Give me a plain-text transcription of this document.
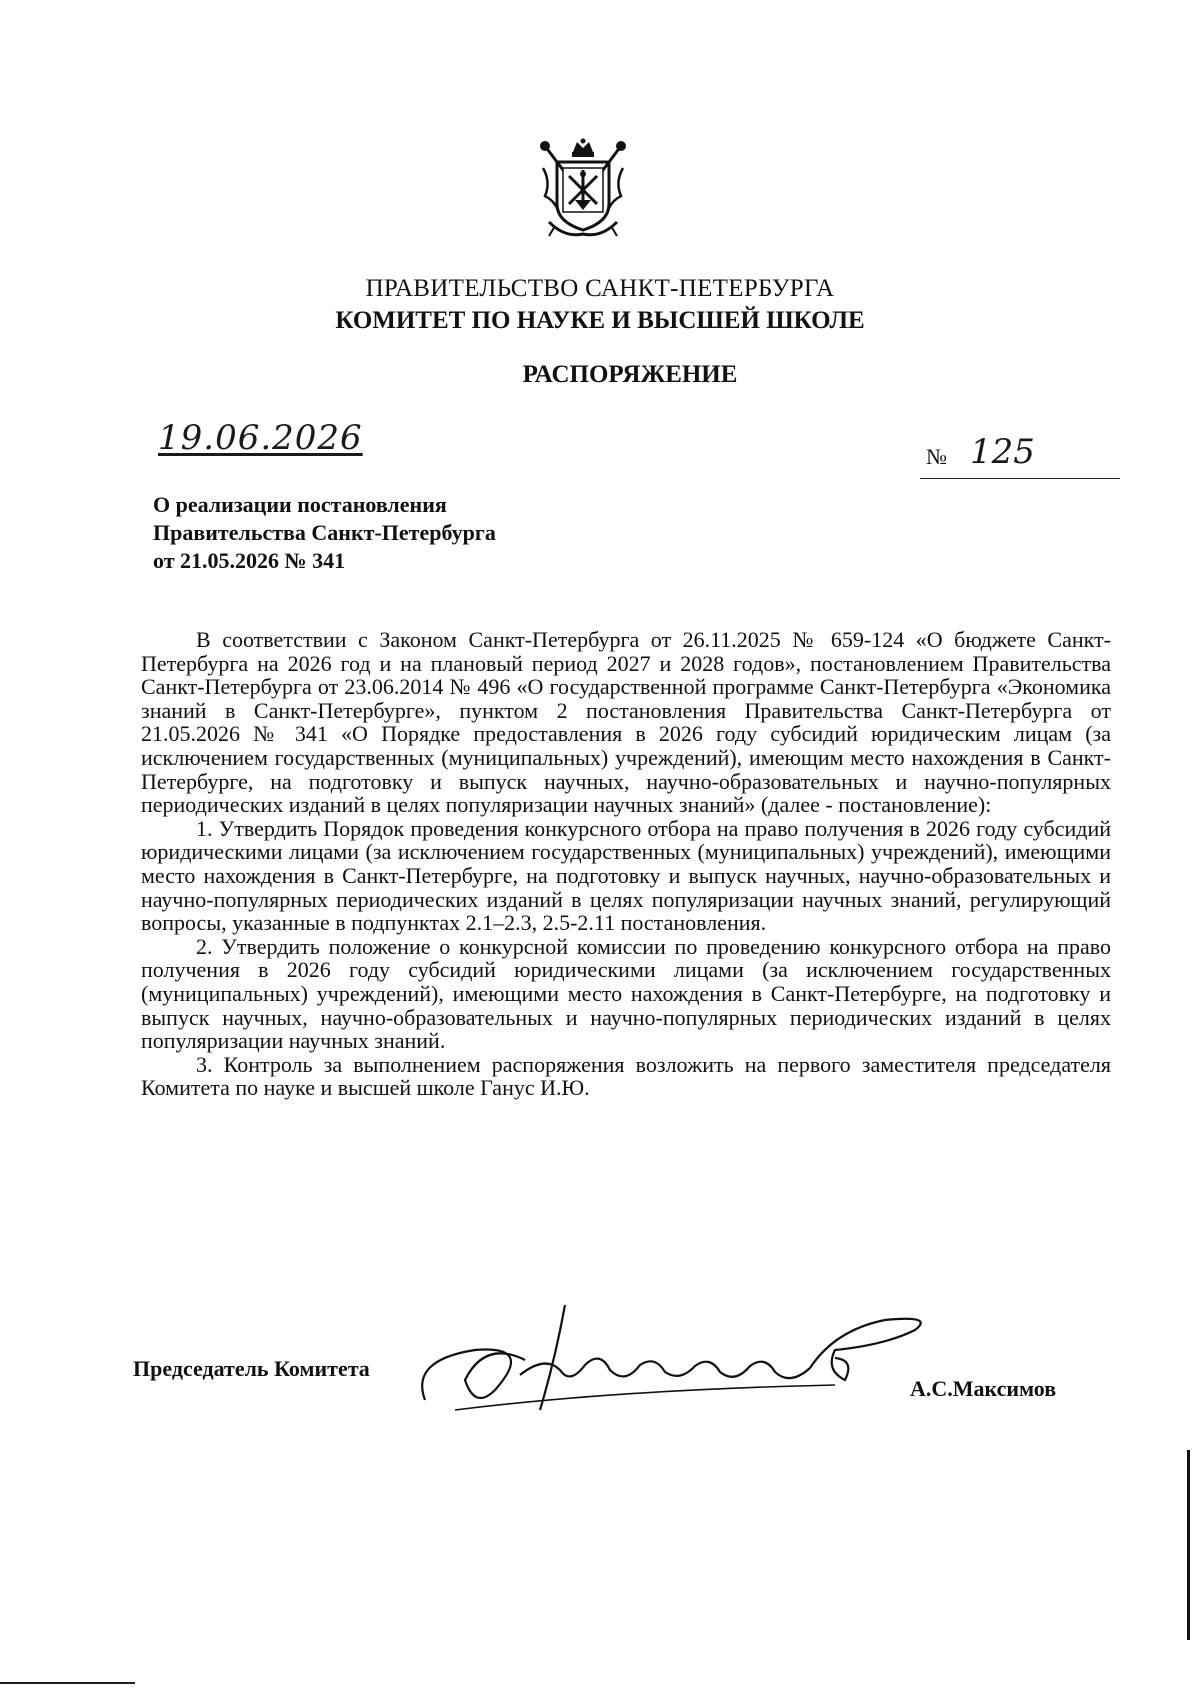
ПРАВИТЕЛЬСТВО САНКТ-ПЕТЕРБУРГА
КОМИТЕТ ПО НАУКЕ И ВЫСШЕЙ ШКОЛЕ
РАСПОРЯЖЕНИЕ
19.06.2026	№ 125
О реализации постановления
Правительства Санкт-Петербурга
от 21.05.2026 № 341

В соответствии с Законом Санкт-Петербурга от 26.11.2025 № 659-124 «О бюджете Санкт-Петербурга на 2026 год и на плановый период 2027 и 2028 годов», постановлением Правительства Санкт-Петербурга от 23.06.2014 № 496 «О государственной программе Санкт-Петербурга «Экономика знаний в Санкт-Петербурге», пунктом 2 постановления Правительства Санкт-Петербурга от 21.05.2026 № 341 «О Порядке предоставления в 2026 году субсидий юридическим лицам (за исключением государственных (муниципальных) учреждений), имеющим место нахождения в Санкт-Петербурге, на подготовку и выпуск научных, научно-образовательных и научно-популярных периодических изданий в целях популяризации научных знаний» (далее - постановление):

1. Утвердить Порядок проведения конкурсного отбора на право получения в 2026 году субсидий юридическими лицами (за исключением государственных (муниципальных) учреждений), имеющими место нахождения в Санкт-Петербурге, на подготовку и выпуск научных, научно-образовательных и научно-популярных периодических изданий в целях популяризации научных знаний, регулирующий вопросы, указанные в подпунктах 2.1–2.3, 2.5-2.11 постановления.

2. Утвердить положение о конкурсной комиссии по проведению конкурсного отбора на право получения в 2026 году субсидий юридическими лицами (за исключением государственных (муниципальных) учреждений), имеющими место нахождения в Санкт-Петербурге, на подготовку и выпуск научных, научно-образовательных и научно-популярных периодических изданий в целях популяризации научных знаний.

3. Контроль за выполнением распоряжения возложить на первого заместителя председателя Комитета по науке и высшей школе Ганус И.Ю.

Председатель Комитета
А.С.Максимов
